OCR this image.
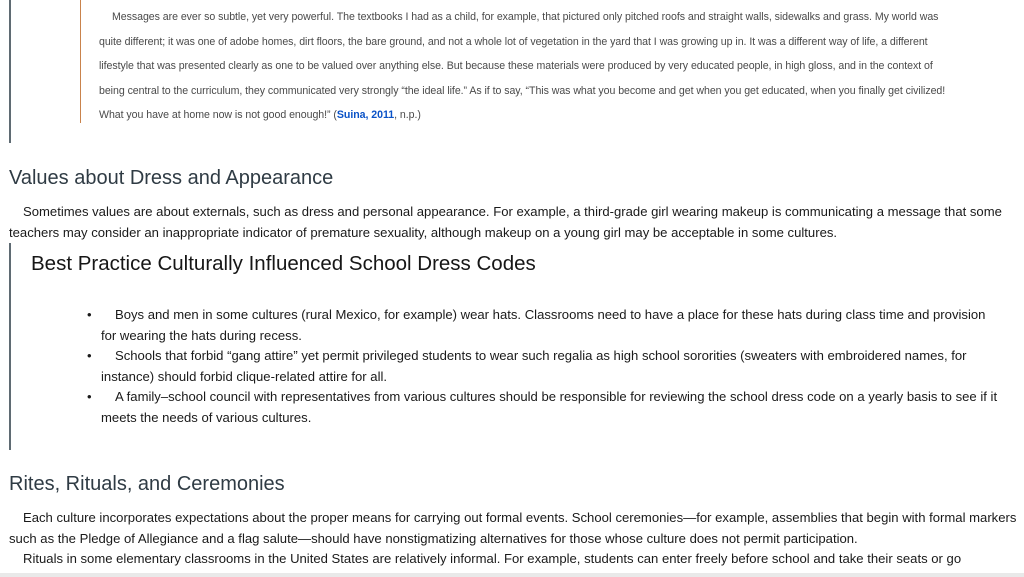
Messages are ever so subtle, yet very powerful. The textbooks I had as a child, for example, that pictured only pitched roofs and straight walls, sidewalks and grass. My world was quite different; it was one of adobe homes, dirt floors, the bare ground, and not a whole lot of vegetation in the yard that I was growing up in. It was a different way of life, a different lifestyle that was presented clearly as one to be valued over anything else. But because these materials were produced by very educated people, in high gloss, and in the context of being central to the curriculum, they communicated very strongly “the ideal life.” As if to say, “This was what you become and get when you get educated, when you finally get civilized! What you have at home now is not good enough!” (Suina, 2011, n.p.)
Values about Dress and Appearance
Sometimes values are about externals, such as dress and personal appearance. For example, a third-grade girl wearing makeup is communicating a message that some teachers may consider an inappropriate indicator of premature sexuality, although makeup on a young girl may be acceptable in some cultures.
Best Practice Culturally Influenced School Dress Codes
• Boys and men in some cultures (rural Mexico, for example) wear hats. Classrooms need to have a place for these hats during class time and provision for wearing the hats during recess.
• Schools that forbid “gang attire” yet permit privileged students to wear such regalia as high school sororities (sweaters with embroidered names, for instance) should forbid clique-related attire for all.
• A family–school council with representatives from various cultures should be responsible for reviewing the school dress code on a yearly basis to see if it meets the needs of various cultures.
Rites, Rituals, and Ceremonies
Each culture incorporates expectations about the proper means for carrying out formal events. School ceremonies—for example, assemblies that begin with formal markers such as the Pledge of Allegiance and a flag salute—should have nonstigmatizing alternatives for those whose culture does not permit participation.
Rituals in some elementary classrooms in the United States are relatively informal. For example, students can enter freely before school and take their seats or go
